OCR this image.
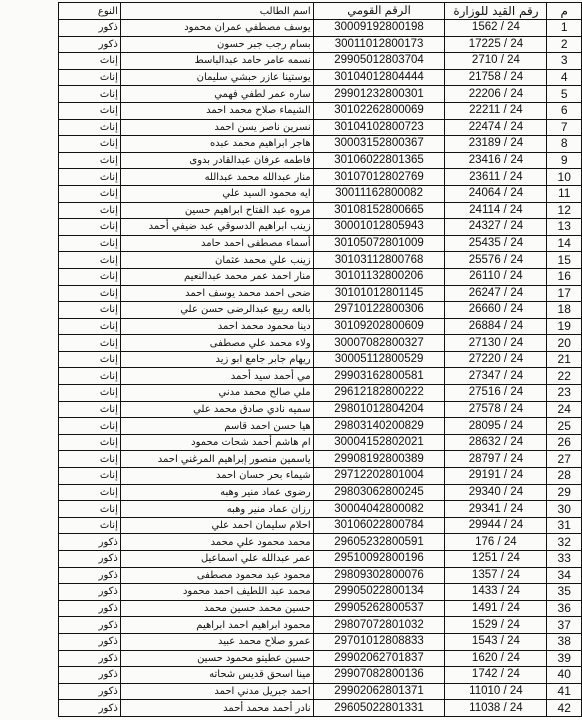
م	رقم القيد للوزارة	الرقم القومي	اسم الطالب	النوع
1	24 / 1562	30009192800198	يوسف مصطفي عمران محمود	ذكور
2	24 / 17225	30011012800173	بسام رجب جبر حسون	ذكور
3	24 / 2710	29905012803704	نسمه عامر حامد عبدالباسط	إناث
4	24 / 21758	30104012804444	يوستينا عازر حبشي سليمان	إناث
5	24 / 22206	29901232800301	ساره عمر لطفي فهمي	إناث
6	24 / 22211	30102262800069	الشيماء صلاح محمد احمد	إناث
7	24 / 22474	30104102800723	نسرين ناصر يسن احمد	إناث
8	24 / 23189	30003152800367	هاجر ابراهيم محمد عبده	إناث
9	24 / 23416	30106022801365	فاطمه عرفان عبدالقادر بدوى	إناث
10	24 / 23611	30107012802769	منار عبدالله محمد عبدالله	إناث
11	24 / 24064	30011162800082	ايه محمود السيد علي	إناث
12	24 / 24114	30108152800665	مروه عبد الفتاح ابراهيم حسين	إناث
13	24 / 24327	30001012805943	زينب ابراهيم الدسوقي عبد ضيفي أحمد	إناث
14	24 / 25435	30105072801009	أسماء مصطفى احمد حامد	إناث
15	24 / 25576	30103112800768	زينب علي محمد عثمان	إناث
16	24 / 26110	30101132800206	منار احمد عمر محمد عبدالنعيم	إناث
17	24 / 26247	30101012801145	ضحى احمد محمد يوسف احمد	إناث
18	24 / 26660	29710122800306	بالعه ربيع عبدالرضى حسن علي	إناث
19	24 / 26884	30109202800609	دينا محمود محمد احمد	إناث
20	24 / 27130	30007082800327	ولاء محمد علي مصطفى	إناث
21	24 / 27220	30005112800529	ريهام جابر جامع ابو زيد	إناث
22	24 / 27347	29903162800581	مي أحمد سيد أحمد	إناث
23	24 / 27516	29612182800222	ملي صالح محمد مدني	إناث
24	24 / 27578	29801012804204	سميه نادي صادق محمد علي	إناث
25	24 / 28095	29803140200829	هيا حسن احمد قاسم	إناث
26	24 / 28632	30004152802021	ام هاشم أحمد شحات محمود	إناث
27	24 / 28797	29908192800389	ياسمين منصور إبراهيم المرغني احمد	إناث
28	24 / 29191	29712202801004	شيماء بحر حسان احمد	إناث
29	24 / 29340	29803062800245	رضوى عماد منير وهبه	إناث
30	24 / 29341	30004042800082	رزان عماد منير وهبه	إناث
31	24 / 29944	30106022800784	احلام سليمان احمد علي	إناث
32	24 / 176	29605232800591	محمد محمود علي محمد	ذكور
33	24 / 1251	29510092800196	عمر عبدالله علي اسماعيل	ذكور
34	24 / 1357	29809302800076	محمود عبد محمود مصطفى	ذكور
35	24 / 1433	29905022800134	محمد عبد اللطيف احمد محمود	ذكور
36	24 / 1491	29905262800537	حسين محمد حسين محمد	ذكور
37	24 / 1529	29807072801032	محمود ابراهيم احمد ابراهيم	ذكور
38	24 / 1543	29701012808833	عمرو صلاح محمد عبيد	ذكور
39	24 / 1620	29902062701837	حسين عطيتو محمود حسين	ذكور
40	24 / 1742	29907082800136	مينا اسحق قديس شحاته	ذكور
41	24 / 11010	29902062801371	احمد جبريل مدني احمد	ذكور
42	24 / 11038	29605022801331	نادر أحمد محمد أحمد	ذكور
